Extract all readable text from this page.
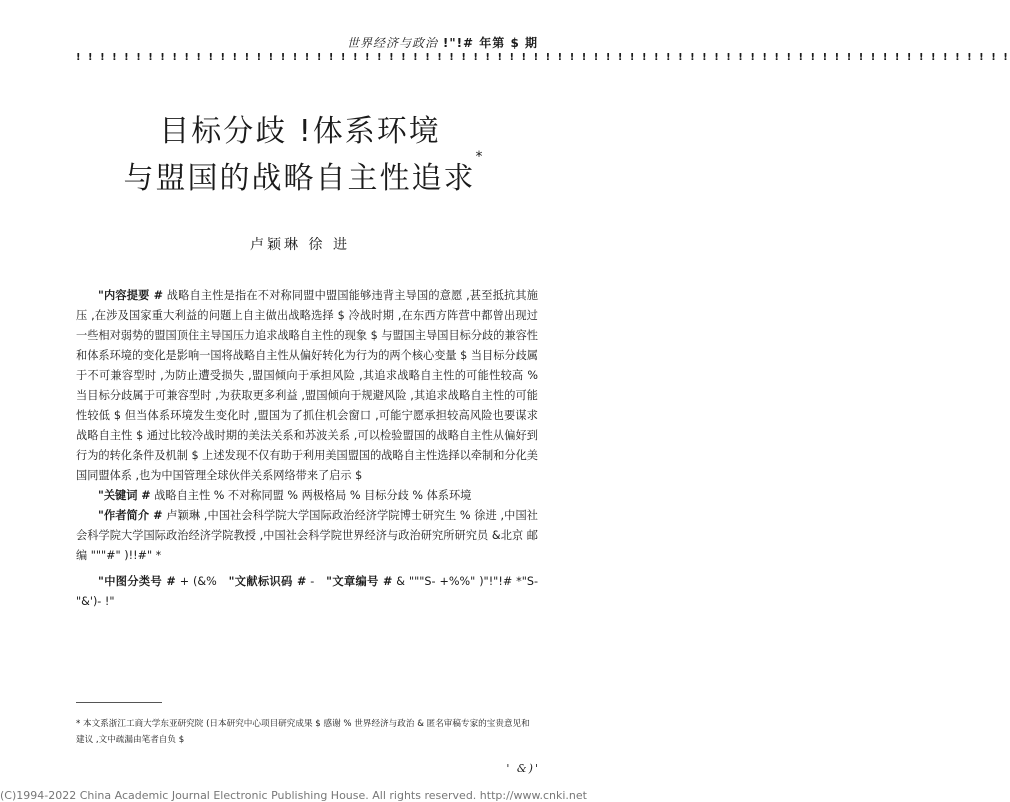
世界经济与政治 !"!# 年第 $ 期
! ! ! ! ! ! ! ! ! ! ! ! ! ! ! ! ! ! ! ! ! ! ! ! ! ! ! ! ! ! ! ! ! ! ! ! ! ! ! ! ! ! ! ! ! ! ! ! ! ! ! ! ! ! ! ! ! ! ! ! ! ! ! ! ! ! ! ! ! ! ! ! ! ! ! ! ! !
目标分歧 !体系环境
与盟国的战略自主性追求*
卢颖琳 徐 进

"内容提要 # 战略自主性是指在不对称同盟中盟国能够违背主导国的意愿 ,甚至抵抗其施压 ,在涉及国家重大利益的问题上自主做出战略选择 $ 冷战时期 ,在东西方阵营中都曾出现过一些相对弱势的盟国顶住主导国压力追求战略自主性的现象 $ 与盟国主导国目标分歧的兼容性和体系环境的变化是影响一国将战略自主性从偏好转化为行为的两个核心变量 $ 当目标分歧属于不可兼容型时 ,为防止遭受损失 ,盟国倾向于承担风险 ,其追求战略自主性的可能性较高 % 当目标分歧属于可兼容型时 ,为获取更多利益 ,盟国倾向于规避风险 ,其追求战略自主性的可能性较低 $ 但当体系环境发生变化时 ,盟国为了抓住机会窗口 ,可能宁愿承担较高风险也要谋求战略自主性 $ 通过比较冷战时期的美法关系和苏波关系 ,可以检验盟国的战略自主性从偏好到行为的转化条件及机制 $ 上述发现不仅有助于利用美国盟国的战略自主性选择以牵制和分化美国同盟体系 ,也为中国管理全球伙伴关系网络带来了启示 $

"关键词 # 战略自主性 % 不对称同盟 % 两极格局 % 目标分歧 % 体系环境

"作者简介 # 卢颖琳 ,中国社会科学院大学国际政治经济学院博士研究生 % 徐进 ,中国社会科学院大学国际政治经济学院教授 ,中国社会科学院世界经济与政治研究所研究员 &北京 邮编 """#" )!!#" *

"中图分类号 # + (&% "文献标识码 # - "文章编号 # & """S- +%%" )"!"!# *"S- "&')- !"

* 本文系浙江工商大学东亚研究院 (日本研究中心项目研究成果 $ 感谢 % 世界经济与政治 & 匿名审稿专家的宝贵意见和建议 ,文中疏漏由笔者自负 $
' &)'
(C)1994-2022 China Academic Journal Electronic Publishing House. All rights reserved. http://www.cnki.net
